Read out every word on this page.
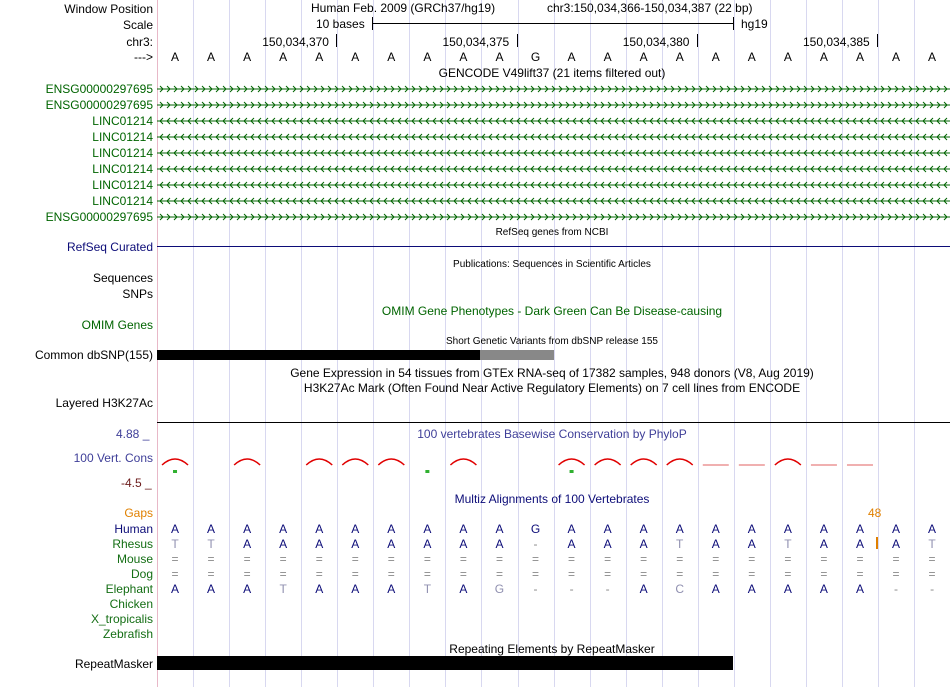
Window Position	Human Feb. 2009 (GRCh37/hg19)	chr3:150,034,366-150,034,387 (22 bp)
Scale	10 bases	hg19
chr3:	150,034,370	150,034,375	150,034,380	150,034,385
---> A A A A A A A A A A G A A A A A A A A A A A
GENCODE V49lift37 (21 items filtered out)
ENSG00000297695
ENSG00000297695
LINC01214
LINC01214
LINC01214
LINC01214
LINC01214
LINC01214
ENSG00000297695
RefSeq genes from NCBI
RefSeq Curated
Publications: Sequences in Scientific Articles
Sequences
SNPs
OMIM Gene Phenotypes - Dark Green Can Be Disease-causing
OMIM Genes
Short Genetic Variants from dbSNP release 155
Common dbSNP(155)
Gene Expression in 54 tissues from GTEx RNA-seq of 17382 samples, 948 donors (V8, Aug 2019)
H3K27Ac Mark (Often Found Near Active Regulatory Elements) on 7 cell lines from ENCODE
Layered H3K27Ac
100 vertebrates Basewise Conservation by PhyloP
4.88 _
100 Vert. Cons
-4.5 _
Multiz Alignments of 100 Vertebrates
Gaps	48
Human A A A A A A A A A A G A A A A A A A A A A A
Rhesus T T A A A A A A A A	-	A A A T A A T A A A T
Mouse = = = = = = = = = = = = = = = = = = = = = =
Dog = = = = = = = = = = = = = = = = = = = = = =
Elephant A A A T A A A T A G -	-	-	A C A A A A A	-	-
Chicken
X_tropicalis
Zebrafish
Repeating Elements by RepeatMasker
RepeatMasker
